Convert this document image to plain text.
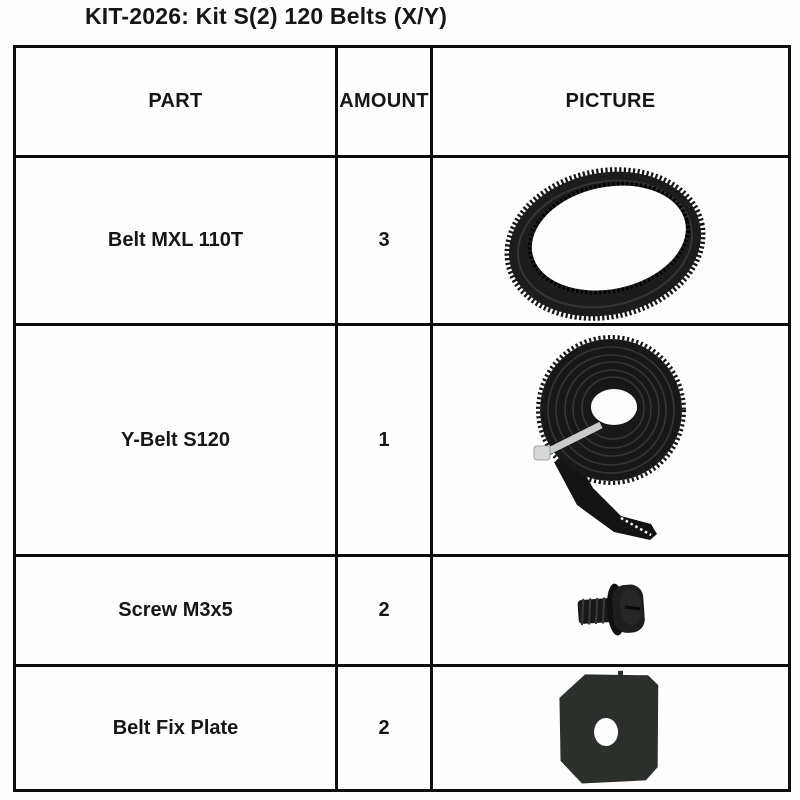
KIT-2026: Kit S(2) 120 Belts (X/Y)
PART	AMOUNT	PICTURE
Belt MXL 110T	3	

Y-Belt S120	1	

Screw M3x5	2	

Belt Fix Plate	2	
